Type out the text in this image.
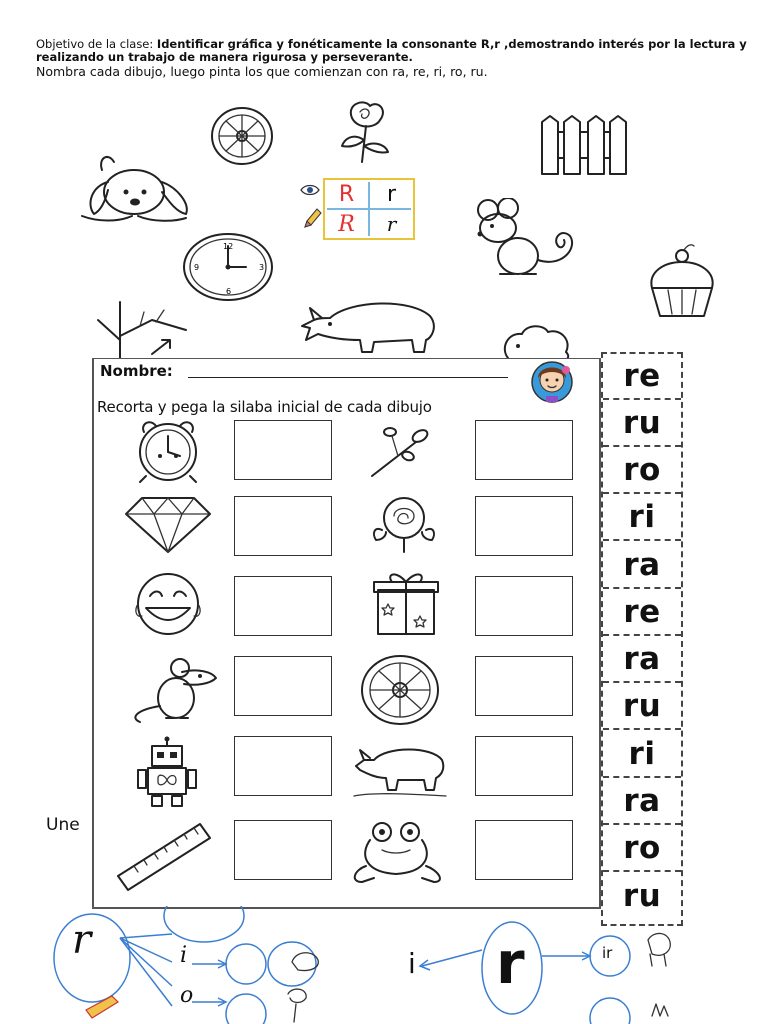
Objetivo de la clase: Identificar gráfica y fonéticamente la consonante R,r ,demostrando interés por la lectura y realizando un trabajo de manera rigurosa y perseverante.
Nombra cada dibujo, luego pinta los que comienzan con ra, re, ri, ro, ru.
12
3
6
9
R r
R r
Nombre:
Recorta y pega la silaba inicial de cada dibujo
re
ru
ro
ri
ra
re
ra
ru
ri
ra
ro
ru
Une
r	i
o
i r	ir
